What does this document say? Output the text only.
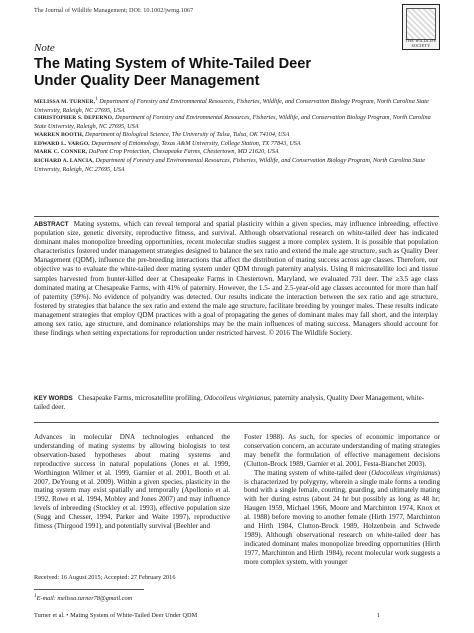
The Journal of Wildlife Management; DOI: 10.1002/jwmg.1067
THE WILDLIFE SOCIETY
Note
The Mating System of White-Tailed Deer
Under Quality Deer Management

MELISSA M. TURNER,$^1$ Department of Forestry and Environmental Resources, Fisheries, Wildlife, and Conservation Biology Program, North Carolina State University, Raleigh, NC 27695, USA

CHRISTOPHER S. DEPERNO, Department of Forestry and Environmental Resources, Fisheries, Wildlife, and Conservation Biology Program, North Carolina State University, Raleigh, NC 27695, USA

WARREN BOOTH, Department of Biological Science, The University of Tulsa, Tulsa, OK 74104, USA

EDWARD L. VARGO, Department of Entomology, Texas A&M University, College Station, TX 77843, USA

MARK C. CONNER, DuPont Crop Protection, Chesapeake Farms, Chestertown, MD 21620, USA

RICHARD A. LANCIA, Department of Forestry and Environmental Resources, Fisheries, Wildlife, and Conservation Biology Program, North Carolina State University, Raleigh, NC 27695, USA

ABSTRACT Mating systems, which can reveal temporal and spatial plasticity within a given species, may influence inbreeding, effective population size, genetic diversity, reproductive fitness, and survival. Although observational research on white-tailed deer has indicated dominant males monopolize breeding opportunities, recent molecular studies suggest a more complex system. It is possible that population characteristics fostered under management strategies designed to balance the sex ratio and extend the male age structure, such as Quality Deer Management (QDM), influence the pre-breeding interactions that affect the distribution of mating success across age classes. Therefore, our objective was to evaluate the white-tailed deer mating system under QDM through paternity analysis. Using 8 microsatellite loci and tissue samples harvested from hunter-killed deer at Chesapeake Farms in Chestertown, Maryland, we evaluated 731 deer. The ≥3.5 age class dominated mating at Chesapeake Farms, with 41% of paternity. However, the 1.5- and 2.5-year-old age classes accounted for more than half of paternity (59%). No evidence of polyandry was detected. Our results indicate the interaction between the sex ratio and age structure, fostered by strategies that balance the sex ratio and extend the male age structure, facilitate breeding by younger males. These results indicate management strategies that employ QDM practices with a goal of propagating the genes of dominant males may fall short, and the interplay among sex ratio, age structure, and dominance relationships may be the main influences of mating success. Managers should account for these findings when setting expectations for reproduction under restricted harvest. © 2016 The Wildlife Society.
KEY WORDS Chesapeake Farms, microsatellite profiling, Odocoileus virginianus, paternity analysis, Quality Deer Management, white-tailed deer.

Advances in molecular DNA technologies enhanced the understanding of mating systems by allowing biologists to test observation-based hypotheses about mating systems and reproductive success in natural populations (Jones et al. 1999, Worthington Wilmer et al. 1999, Garnier et al. 2001, Booth et al. 2007, DeYoung et al. 2009). Within a given species, plasticity in the mating system may exist spatially and temporally (Apollonio et al. 1992, Rowe et al. 1994, Mobley and Jones 2007) and may influence levels of inbreeding (Stockley et al. 1993), effective population size (Sugg and Chesser, 1994, Parker and Waite 1997), reproductive fitness (Thirgood 1991), and potentially survival (Beehler and

Foster 1988). As such, for species of economic importance or conservation concern, an accurate understanding of mating strategies may benefit the formulation of effective management decisions (Clutton-Brock 1989, Garnier et al. 2001, Festa-Bianchet 2003).

The mating system of white-tailed deer (Odocoileus virginianus) is characterized by polygyny, wherein a single male forms a tending bond with a single female, courting, guarding, and ultimately mating with her during estrus (about 24 hr but possibly as long as 48 hr; Haugen 1959, Michael 1966, Moore and Marchinton 1974, Knox et al. 1988) before moving to another female (Hirth 1977, Marchinton and Hirth 1984, Clutton-Brock 1989, Holzenbein and Schwede 1989). Although observational research on white-tailed deer has indicated dominant males monopolize breeding opportunities (Hirth 1977, Marchinton and Hirth 1984), recent molecular work suggests a more complex system, with younger

Received: 16 August 2015; Accepted: 27 February 2016
$^1$E-mail: melissa.turner78@gmail.com
Turner et al. • Mating System of White-Tailed Deer Under QDM	1
